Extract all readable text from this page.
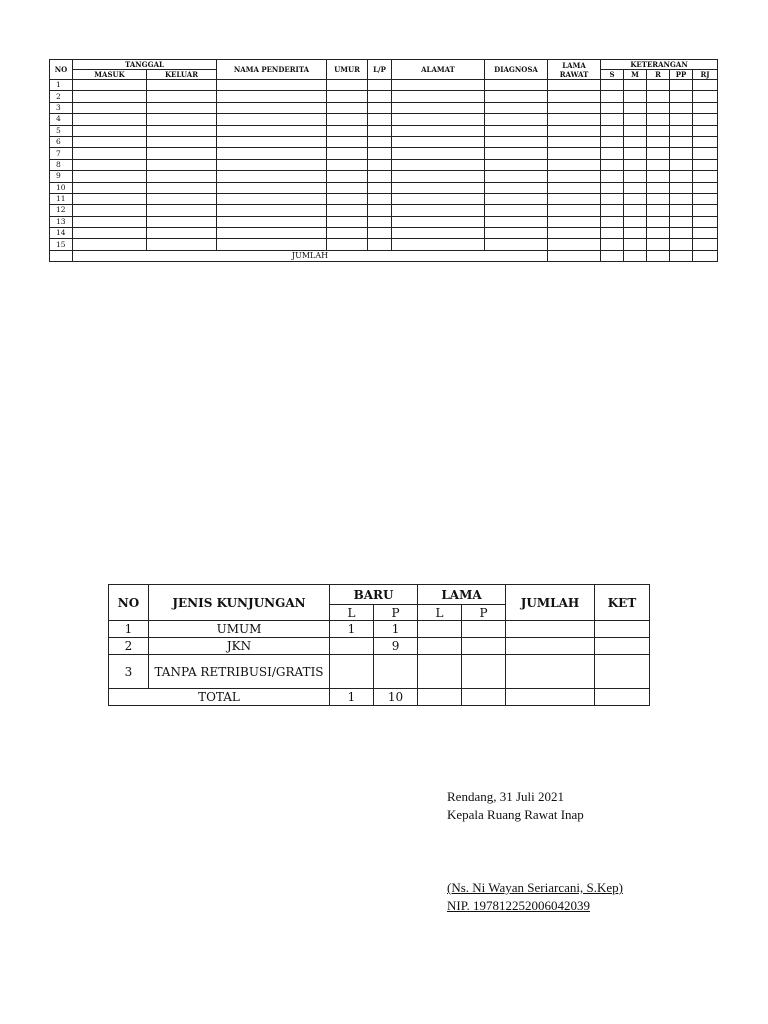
NO	TANGGAL		NAMA PENDERITA	UMUR	L/P	ALAMAT	DIAGNOSA	LAMA RAWAT	KETERANGAN				
	MASUK	KELUAR							S	M	R	PP	RJ
1													
2													
3													
4													
5													
6													
7													
8													
9													
10													
11													
12													
13													
14													
15													
	JUMLAH												
NO	JENIS KUNJUNGAN	BARU		LAMA		JUMLAH	KET
		L	P	L	P		
1	UMUM	1	1				
2	JKN		9				
3	TANPA RETRIBUSI/GRATIS						
TOTAL		1	10				
Rendang, 31 Juli 2021
Kepala Ruang Rawat Inap
(Ns. Ni Wayan Seriarcani, S.Kep)
NIP. 197812252006042039
